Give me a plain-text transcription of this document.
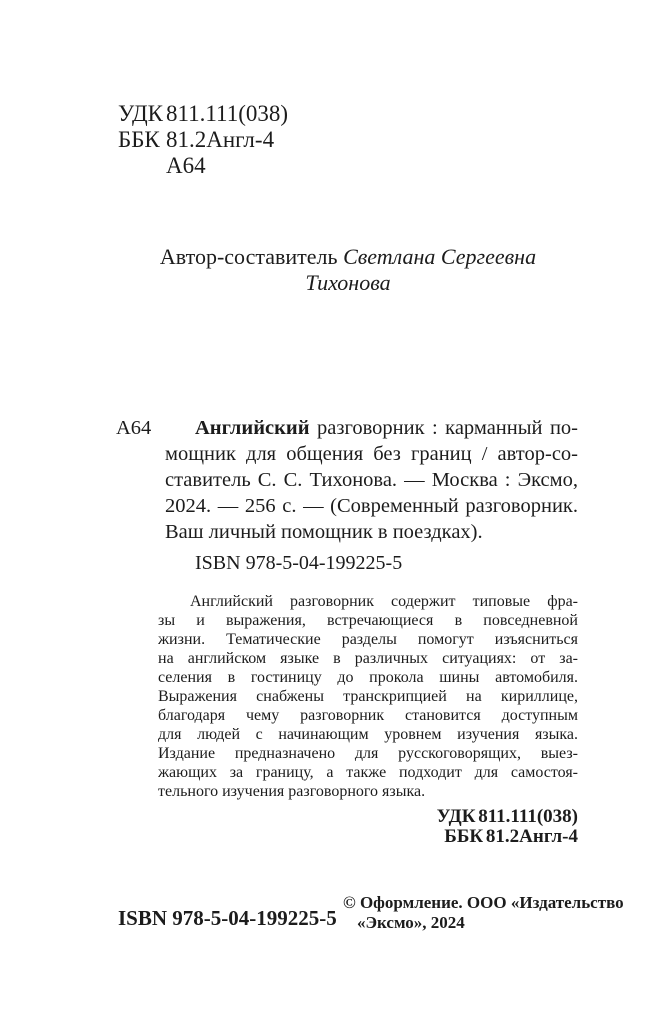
УДК 811.111(038)
ББК 81.2Англ-4
А64
Автор-составитель Светлана Сергеевна Тихонова
А64	Английский разговорник : карманный по-
мощник для общения без границ / автор-со-
ставитель С. С. Тихонова. — Москва : Эксмо,
2024. — 256 с. — (Современный разговорник.
Ваш личный помощник в поездках).
ISBN 978-5-04-199225-5
Английский разговорник содержит типовые фра-
зы и выражения, встречающиеся в повседневной
жизни. Тематические разделы помогут изъясниться
на английском языке в различных ситуациях: от за-
селения в гостиницу до прокола шины автомобиля.
Выражения снабжены транскрипцией на кириллице,
благодаря чему разговорник становится доступным
для людей с начинающим уровнем изучения языка.
Издание предназначено для русскоговорящих, выез-
жающих за границу, а также подходит для самостоя-
тельного изучения разговорного языка.
УДК 811.111(038)
ББК 81.2Англ-4
ISBN 978-5-04-199225-5
© Оформление. ООО «Издательство
«Эксмо», 2024
